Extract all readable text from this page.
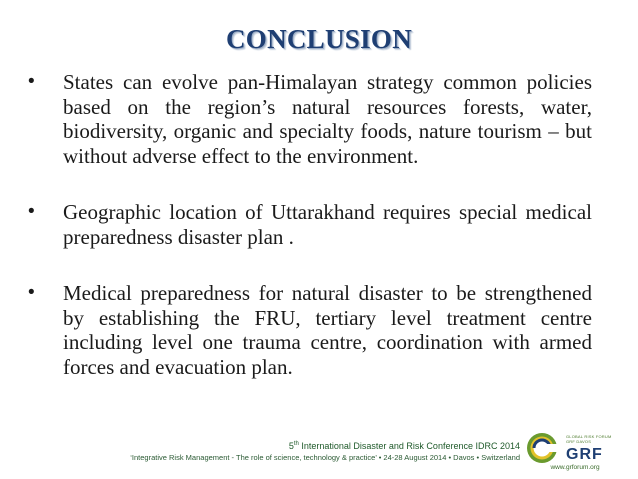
CONCLUSION
• States can evolve pan-Himalayan strategy common policies based on the region’s natural resources forests, water, biodiversity, organic and specialty foods, nature tourism – but without adverse effect to the environment.
• Geographic location of Uttarakhand requires special medical preparedness disaster plan .
• Medical preparedness for natural disaster to be strengthened by establishing the FRU, tertiary level treatment centre including level one trauma centre, coordination with armed forces and evacuation plan.
5th International Disaster and Risk Conference IDRC 2014
‘Integrative Risk Management - The role of science, technology & practice’ • 24-28 August 2014 • Davos • Switzerland
GLOBAL RISK FORUM
GRF DAVOS
GRF
www.grforum.org
